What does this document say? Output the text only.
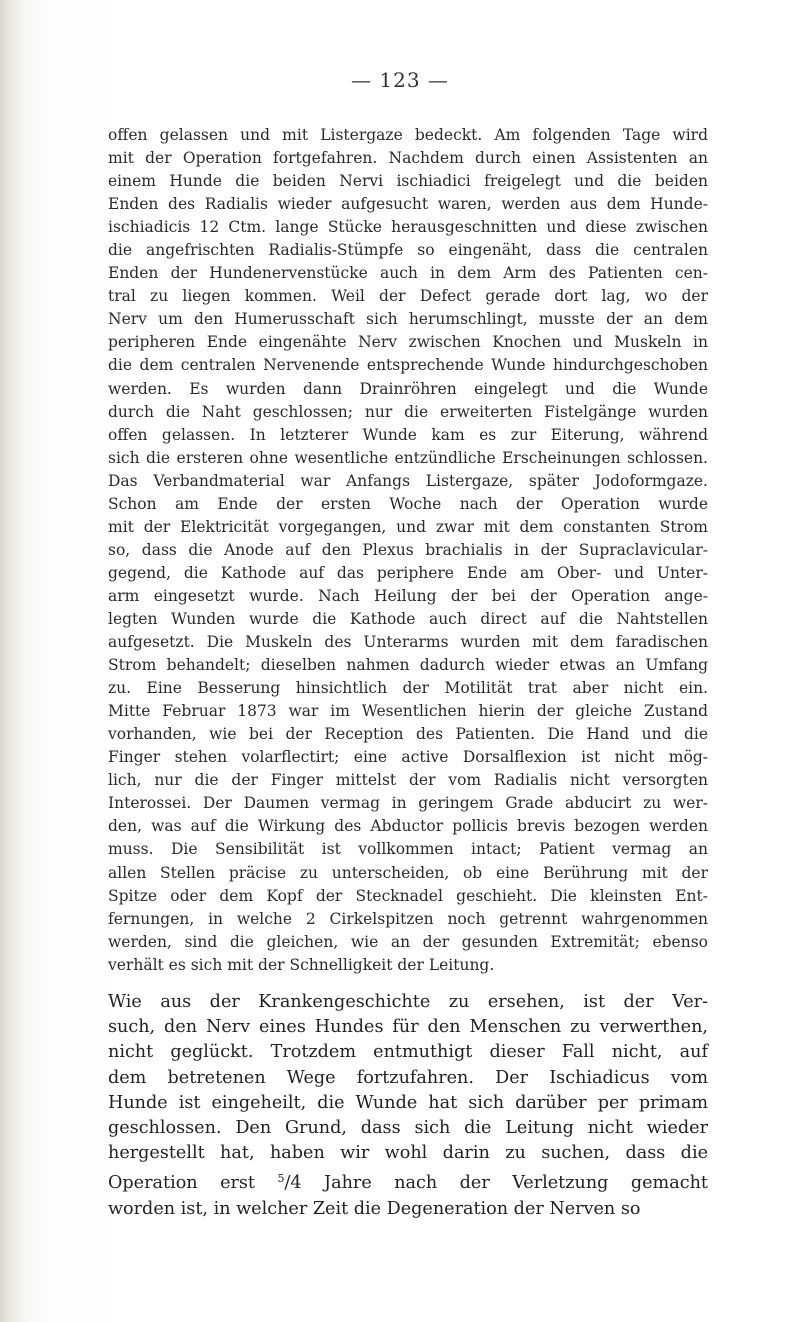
— 123 —
offen gelassen und mit Listergaze bedeckt. Am folgenden Tage wird
mit der Operation fortgefahren. Nachdem durch einen Assistenten an
einem Hunde die beiden Nervi ischiadici freigelegt und die beiden
Enden des Radialis wieder aufgesucht waren, werden aus dem Hunde-
ischiadicis 12 Ctm. lange Stücke herausgeschnitten und diese zwischen
die angefrischten Radialis-Stümpfe so eingenäht, dass die centralen
Enden der Hundenervenstücke auch in dem Arm des Patienten cen-
tral zu liegen kommen. Weil der Defect gerade dort lag, wo der
Nerv um den Humerusschaft sich herumschlingt, musste der an dem
peripheren Ende eingenähte Nerv zwischen Knochen und Muskeln in
die dem centralen Nervenende entsprechende Wunde hindurchgeschoben
werden. Es wurden dann Drainröhren eingelegt und die Wunde
durch die Naht geschlossen; nur die erweiterten Fistelgänge wurden
offen gelassen. In letzterer Wunde kam es zur Eiterung, während
sich die ersteren ohne wesentliche entzündliche Erscheinungen schlossen.
Das Verbandmaterial war Anfangs Listergaze, später Jodoformgaze.
Schon am Ende der ersten Woche nach der Operation wurde
mit der Elektricität vorgegangen, und zwar mit dem constanten Strom
so, dass die Anode auf den Plexus brachialis in der Supraclavicular-
gegend, die Kathode auf das periphere Ende am Ober- und Unter-
arm eingesetzt wurde. Nach Heilung der bei der Operation ange-
legten Wunden wurde die Kathode auch direct auf die Nahtstellen
aufgesetzt. Die Muskeln des Unterarms wurden mit dem faradischen
Strom behandelt; dieselben nahmen dadurch wieder etwas an Umfang
zu. Eine Besserung hinsichtlich der Motilität trat aber nicht ein.
Mitte Februar 1873 war im Wesentlichen hierin der gleiche Zustand
vorhanden, wie bei der Reception des Patienten. Die Hand und die
Finger stehen volarflectirt; eine active Dorsalflexion ist nicht mög-
lich, nur die der Finger mittelst der vom Radialis nicht versorgten
Interossei. Der Daumen vermag in geringem Grade abducirt zu wer-
den, was auf die Wirkung des Abductor pollicis brevis bezogen werden
muss. Die Sensibilität ist vollkommen intact; Patient vermag an
allen Stellen präcise zu unterscheiden, ob eine Berührung mit der
Spitze oder dem Kopf der Stecknadel geschieht. Die kleinsten Ent-
fernungen, in welche 2 Cirkelspitzen noch getrennt wahrgenommen
werden, sind die gleichen, wie an der gesunden Extremität; ebenso
verhält es sich mit der Schnelligkeit der Leitung.
Wie aus der Krankengeschichte zu ersehen, ist der Ver-
such, den Nerv eines Hundes für den Menschen zu verwerthen,
nicht geglückt. Trotzdem entmuthigt dieser Fall nicht, auf
dem betretenen Wege fortzufahren. Der Ischiadicus vom
Hunde ist eingeheilt, die Wunde hat sich darüber per primam
geschlossen. Den Grund, dass sich die Leitung nicht wieder
hergestellt hat, haben wir wohl darin zu suchen, dass die
Operation erst $^5$/4 Jahre nach der Verletzung gemacht
worden ist, in welcher Zeit die Degeneration der Nerven so
